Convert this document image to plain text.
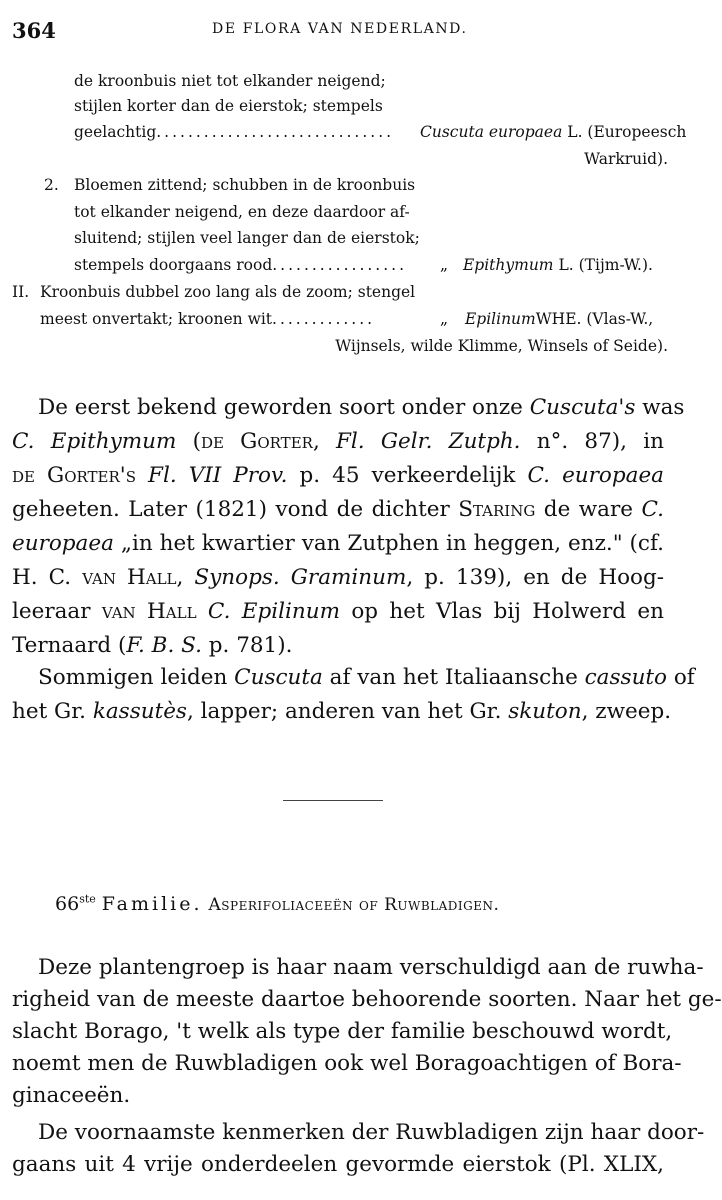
364	DE FLORA VAN NEDERLAND.
de kroonbuis niet tot elkander neigend;
stijlen korter dan de eierstok; stempels
geelachtig.............................. Cuscuta europaea L. (Europeesch
Warkruid).
2. Bloemen zittend; schubben in de kroonbuis
tot elkander neigend, en deze daardoor af-
sluitend; stijlen veel langer dan de eierstok;
stempels doorgaans rood................. „ Epithymum L. (Tijm-W.).
II. Kroonbuis dubbel zoo lang als de zoom; stengel
meest onvertakt; kroonen wit.............	„ EpilinumWHE. (Vlas-W.,
Wijnsels, wilde Klimme, Winsels of Seide).
De eerst bekend geworden soort onder onze Cuscuta's was
C. Epithymum (de Gorter, Fl. Gelr. Zutph. n°. 87), in
de Gorter's Fl. VII Prov. p. 45 verkeerdelijk C. europaea
geheeten. Later (1821) vond de dichter Staring de ware C.
europaea „in het kwartier van Zutphen in heggen, enz." (cf.
H. C. van Hall, Synops. Graminum, p. 139), en de Hoog-
leeraar van Hall C. Epilinum op het Vlas bij Holwerd en
Ternaard (F. B. S. p. 781).
Sommigen leiden Cuscuta af van het Italiaansche cassuto of
het Gr. kassutès, lapper; anderen van het Gr. skuton, zweep.
66ste Familie. Asperifoliaceeën of Ruwbladigen.
Deze plantengroep is haar naam verschuldigd aan de ruwha-
righeid van de meeste daartoe behoorende soorten. Naar het ge-
slacht Borago, 't welk als type der familie beschouwd wordt,
noemt men de Ruwbladigen ook wel Boragoachtigen of Bora-
ginaceeën.
De voornaamste kenmerken der Ruwbladigen zijn haar door-
gaans uit 4 vrije onderdeelen gevormde eierstok (Pl. XLIX,
